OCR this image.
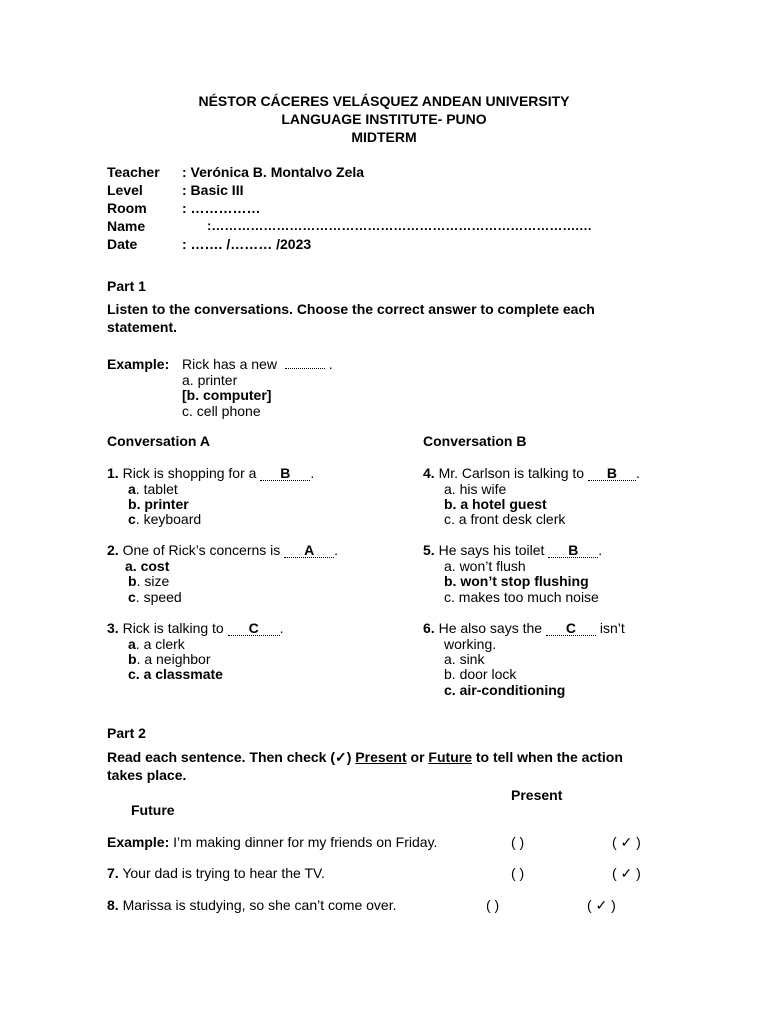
NÉSTOR CÁCERES VELÁSQUEZ ANDEAN UNIVERSITY
LANGUAGE INSTITUTE- PUNO
MIDTERM
Teacher : Verónica B. Montalvo Zela
Level	: Basic III
Room	: ……………
Name	:………………………………………………………………………….…
Date	: ……. /……… /2023
Part 1
Listen to the conversations. Choose the correct answer to complete each statement.
Example: Rick has a new	.
a. printer
[b. computer]
c. cell phone
Conversation A	Conversation B
1. Rick is shopping for a B .
a. tablet
b. printer
c. keyboard
2. One of Rick’s concerns is A .
a. cost
b. size
c. speed
3. Rick is talking to C .
a. a clerk
b. a neighbor
c. a classmate
4. Mr. Carlson is talking to B .
a. his wife
b. a hotel guest
c. a front desk clerk
5. He says his toilet B .
a. won’t flush
b. won’t stop flushing
c. makes too much noise
6. He also says the C isn’t
working.
a. sink
b. door lock
c. air-conditioning
Part 2
Read each sentence. Then check (✓) Present or Future to tell when the action
takes place.
Present
Future
Example: I’m making dinner for my friends on Friday.	( )	( ✓ )
7. Your dad is trying to hear the TV.	( )	( ✓ )
8. Marissa is studying, so she can’t come over.	( )	( ✓ )
